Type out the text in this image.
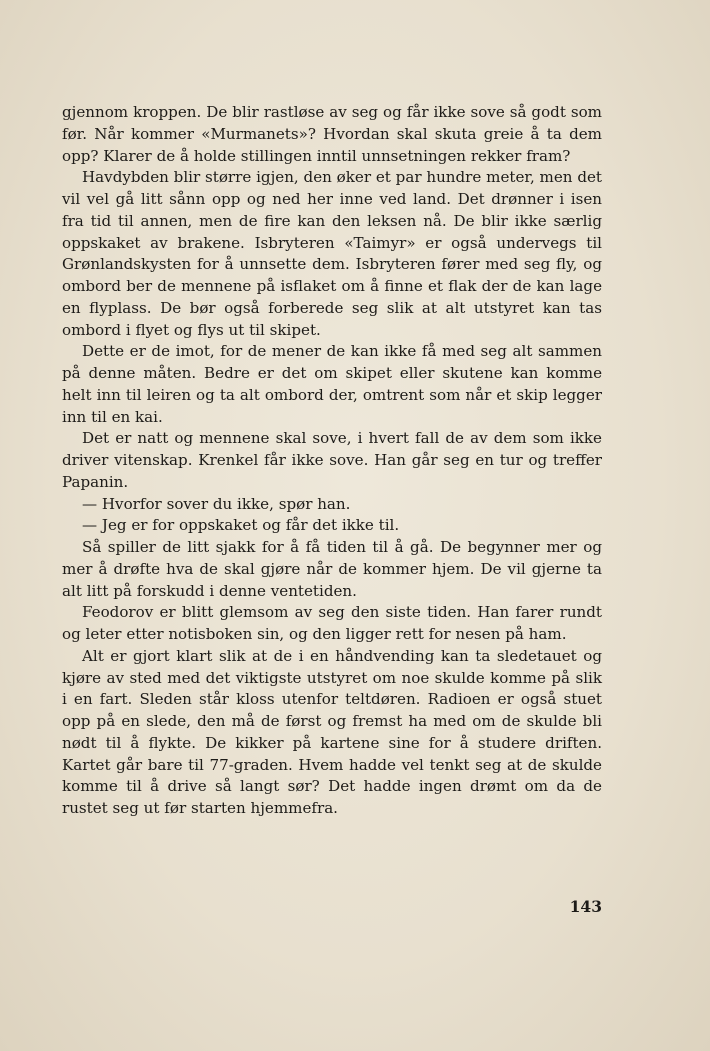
gjennom kroppen. De blir rastløse av seg og får ikke sove så godt som før. Når kommer «Murmanets»? Hvordan skal skuta greie å ta dem opp? Klarer de å holde stillingen inntil unnsetningen rekker fram?

Havdybden blir større igjen, den øker et par hundre meter, men det vil vel gå litt sånn opp og ned her inne ved land. Det drønner i isen fra tid til annen, men de fire kan den leksen nå. De blir ikke særlig oppskaket av brakene. Isbryteren «Taimyr» er også undervegs til Grønlandskysten for å unnsette dem. Isbryteren fører med seg fly, og ombord ber de mennene på isflaket om å finne et flak der de kan lage en flyplass. De bør også forberede seg slik at alt utstyret kan tas ombord i flyet og flys ut til skipet.

Dette er de imot, for de mener de kan ikke få med seg alt sammen på denne måten. Bedre er det om skipet eller skutene kan komme helt inn til leiren og ta alt ombord der, omtrent som når et skip legger inn til en kai.

Det er natt og mennene skal sove, i hvert fall de av dem som ikke driver vitenskap. Krenkel får ikke sove. Han går seg en tur og treffer Papanin.

— Hvorfor sover du ikke, spør han.

— Jeg er for oppskaket og får det ikke til.

Så spiller de litt sjakk for å få tiden til å gå. De begynner mer og mer å drøfte hva de skal gjøre når de kommer hjem. De vil gjerne ta alt litt på forskudd i denne ventetiden.

Feodorov er blitt glemsom av seg den siste tiden. Han farer rundt og leter etter notisboken sin, og den ligger rett for nesen på ham.

Alt er gjort klart slik at de i en håndvending kan ta sledetauet og kjøre av sted med det viktigste utstyret om noe skulde komme på slik i en fart. Sleden står kloss utenfor teltdøren. Radioen er også stuet opp på en slede, den må de først og fremst ha med om de skulde bli nødt til å flykte. De kikker på kartene sine for å studere driften. Kartet går bare til 77-graden. Hvem hadde vel tenkt seg at de skulde komme til å drive så langt sør? Det hadde ingen drømt om da de rustet seg ut før starten hjemmefra.

143
